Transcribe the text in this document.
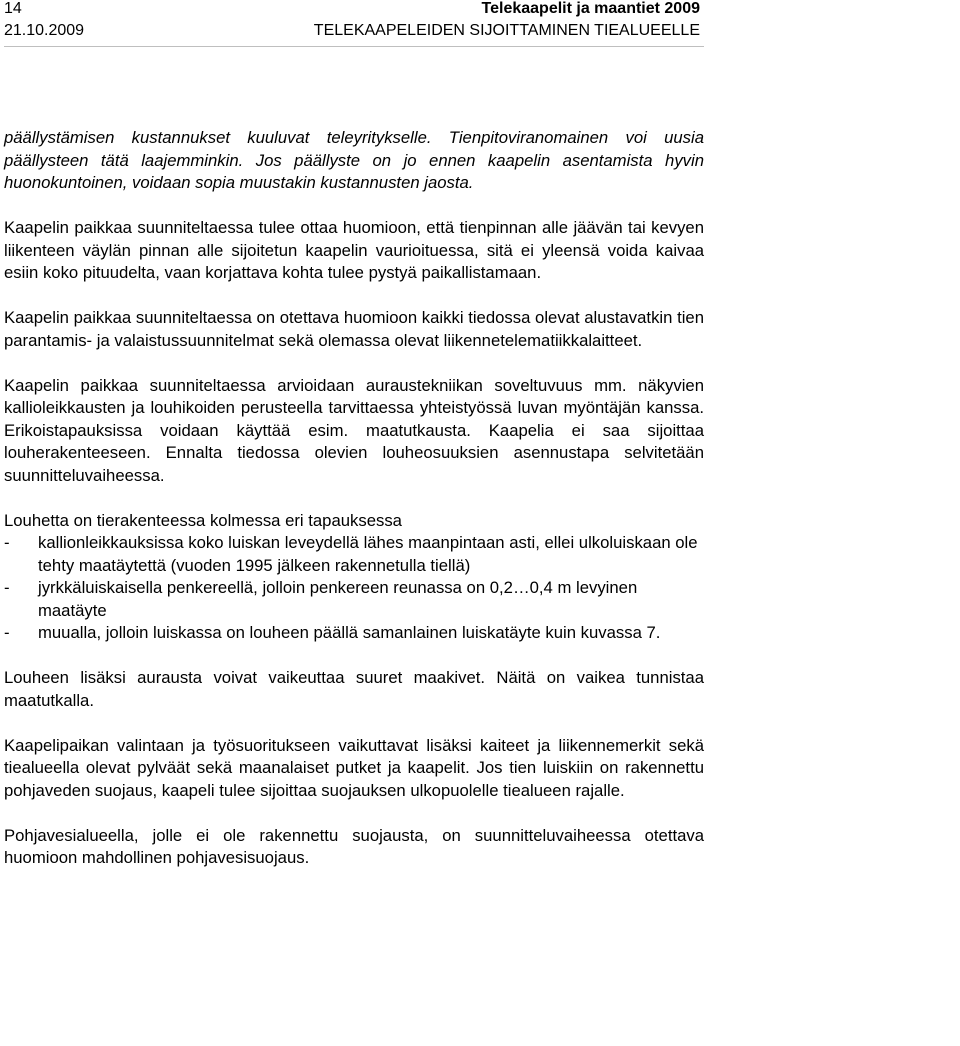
14
21.10.2009
Telekaapelit ja maantiet 2009
TELEKAAPELEIDEN SIJOITTAMINEN TIEALUEELLE

päällystämisen kustannukset kuuluvat teleyritykselle. Tienpitoviranomainen voi uusia päällysteen tätä laajemminkin. Jos päällyste on jo ennen kaapelin asentamista hyvin huonokuntoinen, voidaan sopia muustakin kustannusten jaosta.

Kaapelin paikkaa suunniteltaessa tulee ottaa huomioon, että tienpinnan alle jäävän tai kevyen liikenteen väylän pinnan alle sijoitetun kaapelin vaurioituessa, sitä ei yleensä voida kaivaa esiin koko pituudelta, vaan korjattava kohta tulee pystyä paikallistamaan.

Kaapelin paikkaa suunniteltaessa on otettava huomioon kaikki tiedossa olevat alustavatkin tien parantamis- ja valaistussuunnitelmat sekä olemassa olevat liikennetelematiikkalaitteet.

Kaapelin paikkaa suunniteltaessa arvioidaan auraustekniikan soveltuvuus mm. näkyvien kallioleikkausten ja louhikoiden perusteella tarvittaessa yhteistyössä luvan myöntäjän kanssa. Erikoistapauksissa voidaan käyttää esim. maatutkausta. Kaapelia ei saa sijoittaa louherakenteeseen. Ennalta tiedossa olevien louheosuuksien asennustapa selvitetään suunnitteluvaiheessa.

Louhetta on tierakenteessa kolmessa eri tapauksessa

- kallionleikkauksissa koko luiskan leveydellä lähes maanpintaan asti, ellei ulkoluiskaan ole tehty maatäytettä (vuoden 1995 jälkeen rakennetulla tiellä)
- jyrkkäluiskaisella penkereellä, jolloin penkereen reunassa on 0,2…0,4 m levyinen maatäyte
- muualla, jolloin luiskassa on louheen päällä samanlainen luiskatäyte kuin kuvassa 7.

Louheen lisäksi aurausta voivat vaikeuttaa suuret maakivet. Näitä on vaikea tunnistaa maatutkalla.

Kaapelipaikan valintaan ja työsuoritukseen vaikuttavat lisäksi kaiteet ja liikennemerkit sekä tiealueella olevat pylväät sekä maanalaiset putket ja kaapelit. Jos tien luiskiin on rakennettu pohjaveden suojaus, kaapeli tulee sijoittaa suojauksen ulkopuolelle tiealueen rajalle.

Pohjavesialueella, jolle ei ole rakennettu suojausta, on suunnitteluvaiheessa otettava huomioon mahdollinen pohjavesisuojaus.
